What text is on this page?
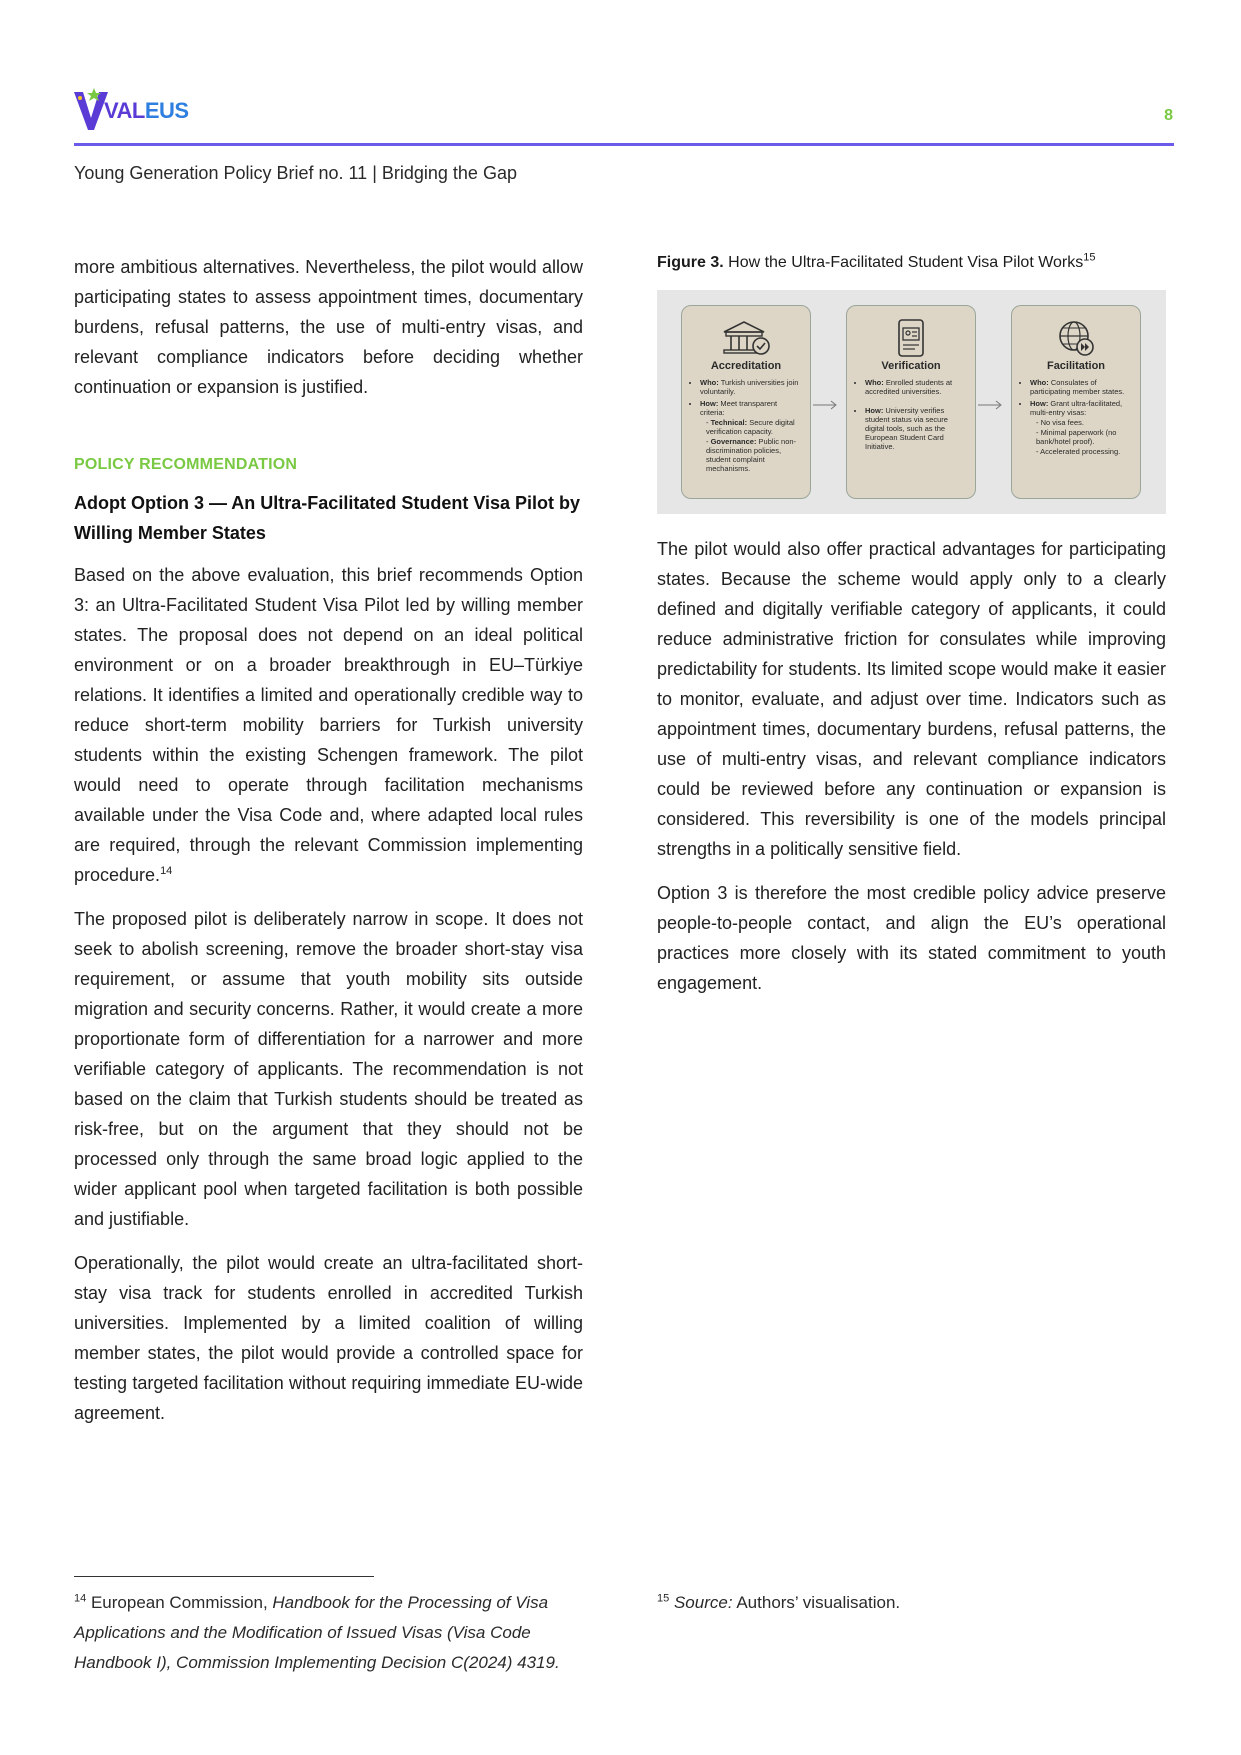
VALEUS	8
Young Generation Policy Brief no. 11 | Bridging the Gap

more ambitious alternatives. Nevertheless, the pilot would allow participating states to assess appointment times, documentary burdens, refusal patterns, the use of multi-entry visas, and relevant compliance indicators before deciding whether continuation or expansion is justified.

POLICY RECOMMENDATION
Adopt Option 3 — An Ultra-Facilitated Student Visa Pilot by Willing Member States

Based on the above evaluation, this brief recommends Option 3: an Ultra-Facilitated Student Visa Pilot led by willing member states. The proposal does not depend on an ideal political environment or on a broader breakthrough in EU–Türkiye relations. It identifies a limited and operationally credible way to reduce short-term mobility barriers for Turkish university students within the existing Schengen framework. The pilot would need to operate through facilitation mechanisms available under the Visa Code and, where adapted local rules are required, through the relevant Commission implementing procedure.$^{14}$

The proposed pilot is deliberately narrow in scope. It does not seek to abolish screening, remove the broader short-stay visa requirement, or assume that youth mobility sits outside migration and security concerns. Rather, it would create a more proportionate form of differentiation for a narrower and more verifiable category of applicants. The recommendation is not based on the claim that Turkish students should be treated as risk-free, but on the argument that they should not be processed only through the same broad logic applied to the wider applicant pool when targeted facilitation is both possible and justifiable.

Operationally, the pilot would create an ultra-facilitated short-stay visa track for students enrolled in accredited Turkish universities. Implemented by a limited coalition of willing member states, the pilot would provide a controlled space for testing targeted facilitation without requiring immediate EU-wide agreement.

Figure 3. How the Ultra-Facilitated Student Visa Pilot Works$^{15}$
Accreditation
• Who: Turkish universities join voluntarily.
• How: Meet transparent criteria:
- Technical: Secure digital verification capacity.
- Governance: Public non-discrimination policies, student complaint mechanisms.
Verification
• Who: Enrolled students at accredited universities.
• How: University verifies student status via secure digital tools, such as the European Student Card Initiative.
Facilitation
• Who: Consulates of participating member states.
• How: Grant ultra-facilitated, multi-entry visas:
- No visa fees.
- Minimal paperwork (no bank/hotel proof).
- Accelerated processing.

The pilot would also offer practical advantages for participating states. Because the scheme would apply only to a clearly defined and digitally verifiable category of applicants, it could reduce administrative friction for consulates while improving predictability for students. Its limited scope would make it easier to monitor, evaluate, and adjust over time. Indicators such as appointment times, documentary burdens, refusal patterns, the use of multi-entry visas, and relevant compliance indicators could be reviewed before any continuation or expansion is considered. This reversibility is one of the models principal strengths in a politically sensitive field.

Option 3 is therefore the most credible policy advice preserve people-to-people contact, and align the EU’s operational practices more closely with its stated commitment to youth engagement.

$^{14}$ European Commission, Handbook for the Processing of Visa Applications and the Modification of Issued Visas (Visa Code Handbook I), Commission Implementing Decision C(2024) 4319.
$^{15}$ Source: Authors’ visualisation.
